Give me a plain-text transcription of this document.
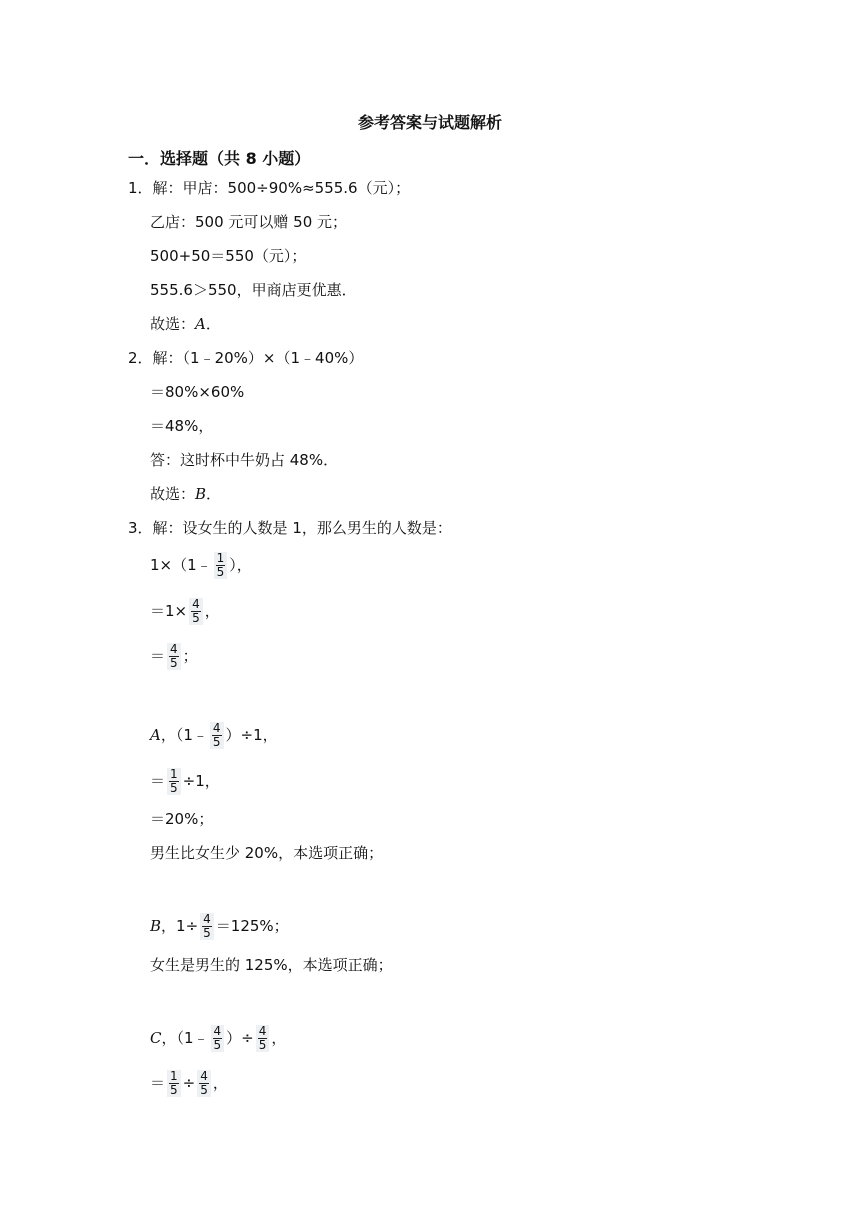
参考答案与试题解析
一．选择题（共 8 小题）
1．解：甲店：500÷90%≈555.6（元）；
乙店：500 元可以赠 50 元；
500+50＝550（元）；
555.6＞550，甲商店更优惠．
故选：A．
2．解：（1﹣20%）×（1﹣40%）
＝80%×60%
＝48%，
答：这时杯中牛奶占 48%．
故选：B．
3．解：设女生的人数是 1，那么男生的人数是：
1×（1﹣ $\frac{1}{5}$ ），
$=1\times \frac{4}{5}$ ，
＝ $\frac{4}{5}$ ；
A，（1﹣ $\frac{4}{5} )\div 1$，
＝ $\frac{1}{5} \div 1$，
＝20%；
男生比女生少 20%，本选项正确；
B，$1\div \frac{4}{5} =125\%$；
女生是男生的 125%，本选项正确；
C，（1﹣ $\frac{4}{5}$ ）÷ $\frac{4}{5}$ ，
＝ $\frac{1}{5} \div \frac{4}{5}$ ，
